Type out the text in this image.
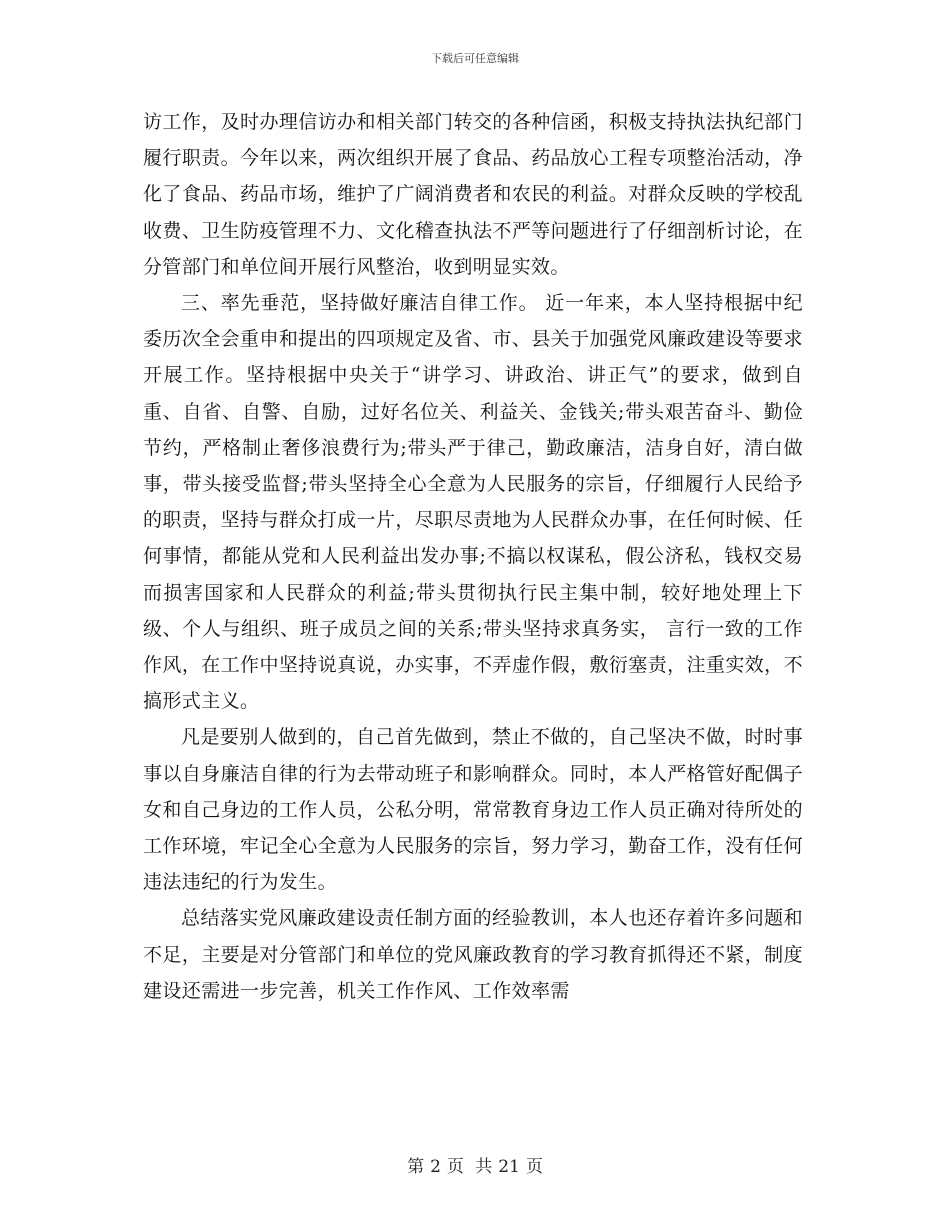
下载后可任意编辑

访工作，及时办理信访办和相关部门转交的各种信函，积极支持执法执纪部门履行职责。今年以来，两次组织开展了食品、药品放心工程专项整治活动，净化了食品、药品市场，维护了广阔消费者和农民的利益。对群众反映的学校乱收费、卫生防疫管理不力、文化稽查执法不严等问题进行了仔细剖析讨论，在分管部门和单位间开展行风整治，收到明显实效。

三、率先垂范，坚持做好廉洁自律工作。 近一年来，本人坚持根据中纪委历次全会重申和提出的四项规定及省、市、县关于加强党风廉政建设等要求开展工作。坚持根据中央关于“讲学习、讲政治、讲正气”的要求，做到自重、自省、自警、自励，过好名位关、利益关、金钱关;带头艰苦奋斗、勤俭节约，严格制止奢侈浪费行为;带头严于律己，勤政廉洁，洁身自好，清白做事，带头接受监督;带头坚持全心全意为人民服务的宗旨，仔细履行人民给予的职责，坚持与群众打成一片，尽职尽责地为人民群众办事，在任何时候、任何事情，都能从党和人民利益出发办事;不搞以权谋私，假公济私，钱权交易而损害国家和人民群众的利益;带头贯彻执行民主集中制，较好地处理上下级、个人与组织、班子成员之间的关系;带头坚持求真务实， 言行一致的工作作风，在工作中坚持说真说，办实事，不弄虚作假，敷衍塞责，注重实效，不搞形式主义。

凡是要别人做到的，自己首先做到，禁止不做的，自己坚决不做，时时事事以自身廉洁自律的行为去带动班子和影响群众。同时，本人严格管好配偶子女和自己身边的工作人员，公私分明，常常教育身边工作人员正确对待所处的工作环境，牢记全心全意为人民服务的宗旨，努力学习，勤奋工作，没有任何违法违纪的行为发生。

总结落实党风廉政建设责任制方面的经验教训，本人也还存着许多问题和不足，主要是对分管部门和单位的党风廉政教育的学习教育抓得还不紧，制度建设还需进一步完善，机关工作作风、工作效率需

第 2 页 共 21 页
